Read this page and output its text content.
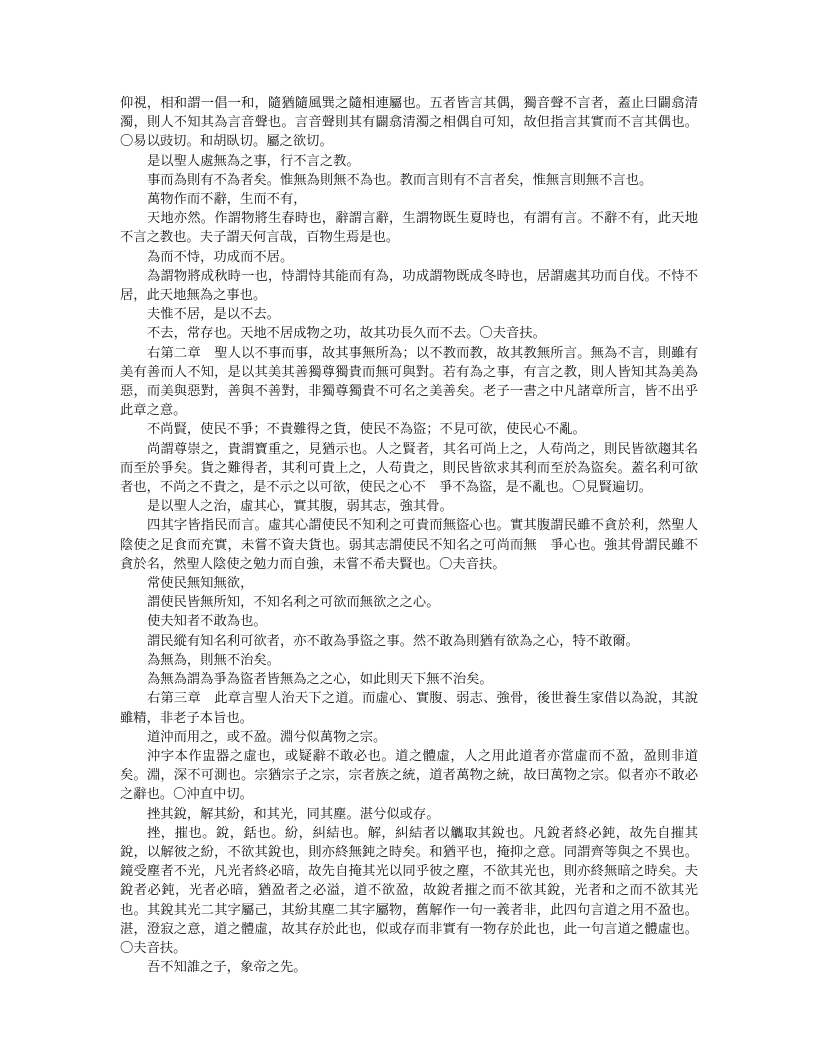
仰視，相和謂一倡一和，隨猶隨風巽之隨相連屬也。五者皆言其偶，獨音聲不言者，蓋止曰闢翕清濁，則人不知其為言音聲也。言音聲則其有闢翕清濁之相偶自可知，故但指言其實而不言其偶也。〇易以豉切。和胡臥切。屬之欲切。

是以聖人處無為之事，行不言之教。

事而為則有不為者矣。惟無為則無不為也。教而言則有不言者矣，惟無言則無不言也。

萬物作而不辭，生而不有，

天地亦然。作謂物將生春時也，辭謂言辭，生謂物既生夏時也，有謂有言。不辭不有，此天地不言之教也。夫子謂天何言哉，百物生焉是也。

為而不恃，功成而不居。

為謂物將成秋時一也，恃謂恃其能而有為，功成謂物既成冬時也，居謂處其功而自伐。不恃不居，此天地無為之事也。

夫惟不居，是以不去。

不去，常存也。天地不居成物之功，故其功長久而不去。〇夫音扶。

右第二章　聖人以不事而事，故其事無所為；以不教而教，故其教無所言。無為不言，則雖有美有善而人不知，是以其美其善獨尊獨貴而無可與對。若有為之事，有言之教，則人皆知其為美為惡，而美與惡對，善與不善對，非獨尊獨貴不可名之美善矣。老子一書之中凡諸章所言，皆不出乎此章之意。

不尚賢，使民不爭；不貴難得之貨，使民不為盜；不見可欲，使民心不亂。

尚謂尊崇之，貴謂寶重之，見猶示也。人之賢者，其名可尚上之，人苟尚之，則民皆欲趨其名而至於爭矣。貨之難得者，其利可貴上之，人苟貴之，則民皆欲求其利而至於為盜矣。蓋名利可欲者也，不尚之不貴之，是不示之以可欲，使民之心不　爭不為盜，是不亂也。〇見賢遍切。

是以聖人之治，虛其心，實其腹，弱其志，強其骨。

四其字皆指民而言。虛其心謂使民不知利之可貴而無盜心也。實其腹謂民雖不貪於利，然聖人陰使之足食而充實，未嘗不資夫貨也。弱其志謂使民不知名之可尚而無　爭心也。強其骨謂民雖不貪於名，然聖人陰使之勉力而自強，未嘗不希夫賢也。〇夫音扶。

常使民無知無欲，

謂使民皆無所知，不知名利之可欲而無欲之之心。

使夫知者不敢為也。

謂民縱有知名利可欲者，亦不敢為爭盜之事。然不敢為則猶有欲為之心，特不敢爾。

為無為，則無不治矣。

為無為謂為爭為盜者皆無為之之心，如此則天下無不治矣。

右第三章　此章言聖人治天下之道。而虛心、實腹、弱志、強骨，後世養生家借以為說，其說雖精，非老子本旨也。

道沖而用之，或不盈。淵兮似萬物之宗。

沖字本作盅器之虛也，或疑辭不敢必也。道之體虛，人之用此道者亦當虛而不盈，盈則非道矣。淵，深不可測也。宗猶宗子之宗，宗者族之統，道者萬物之統，故曰萬物之宗。似者亦不敢必之辭也。〇沖直中切。

挫其銳，解其紛，和其光，同其塵。湛兮似或存。

挫，摧也。銳，銛也。紛，糾結也。解，糾結者以觿取其銳也。凡銳者終必鈍，故先自摧其銳，以解彼之紛，不欲其銳也，則亦終無鈍之時矣。和猶平也，掩抑之意。同謂齊等與之不異也。鏡受塵者不光，凡光者終必暗，故先自掩其光以同乎彼之塵，不欲其光也，則亦終無暗之時矣。夫銳者必鈍，光者必暗，猶盈者之必溢，道不欲盈，故銳者摧之而不欲其銳，光者和之而不欲其光也。其銳其光二其字屬己，其紛其塵二其字屬物，舊解作一句一義者非，此四句言道之用不盈也。湛，澄寂之意，道之體虛，故其存於此也，似或存而非實有一物存於此也，此一句言道之體虛也。〇夫音扶。

吾不知誰之子，象帝之先。
